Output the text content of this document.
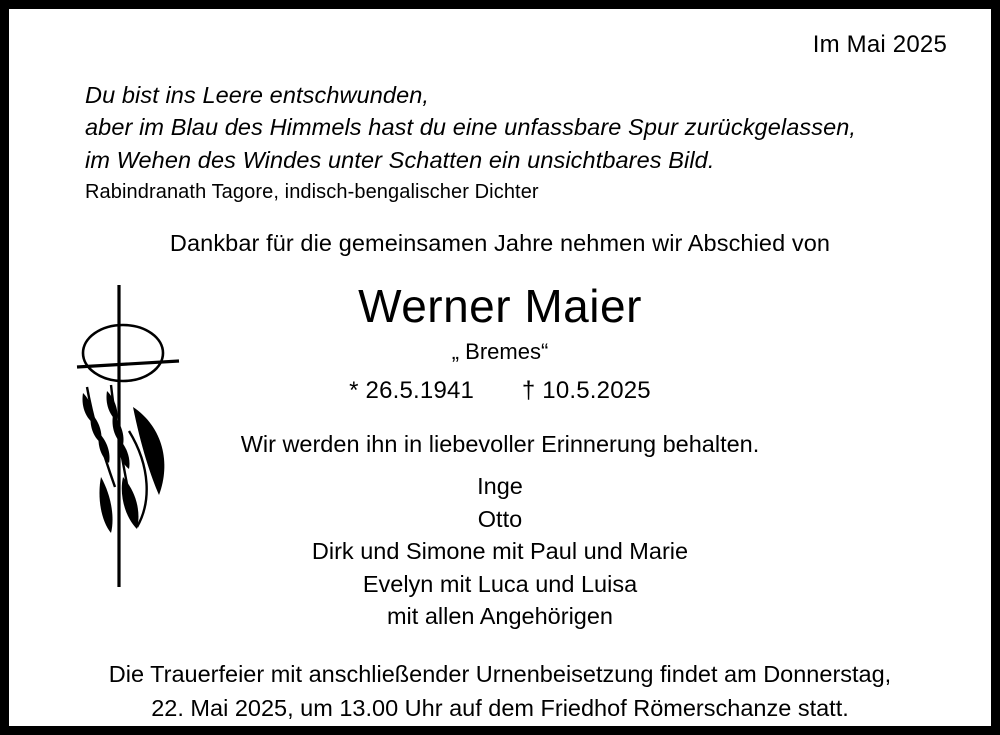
Im Mai 2025
Du bist ins Leere entschwunden,
aber im Blau des Himmels hast du eine unfassbare Spur zurückgelassen,
im Wehen des Windes unter Schatten ein unsichtbares Bild.
Rabindranath Tagore, indisch-bengalischer Dichter
Dankbar für die gemeinsamen Jahre nehmen wir Abschied von
Werner Maier
„ Bremes“
* 26.5.1941 † 10.5.2025
Wir werden ihn in liebevoller Erinnerung behalten.
Inge
Otto
Dirk und Simone mit Paul und Marie
Evelyn mit Luca und Luisa
mit allen Angehörigen
Die Trauerfeier mit anschließender Urnenbeisetzung findet am Donnerstag,
22. Mai 2025, um 13.00 Uhr auf dem Friedhof Römerschanze statt.
